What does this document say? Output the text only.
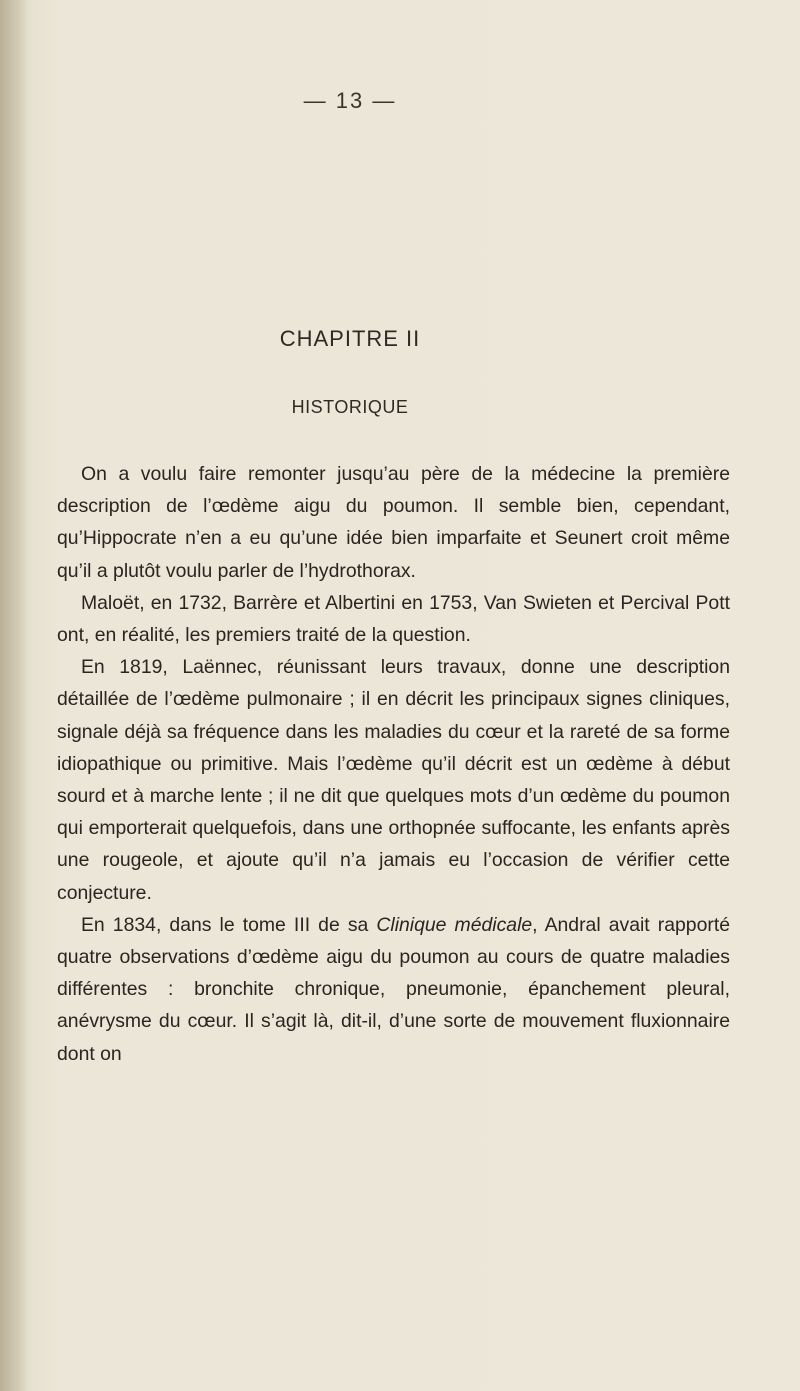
— 13 —
CHAPITRE II
HISTORIQUE

On a voulu faire remonter jusqu’au père de la médecine la première description de l’œdème aigu du poumon. Il semble bien, cependant, qu’Hippocrate n’en a eu qu’une idée bien imparfaite et Seunert croit même qu’il a plutôt voulu parler de l’hydrothorax.

Maloët, en 1732, Barrère et Albertini en 1753, Van Swieten et Percival Pott ont, en réalité, les premiers traité de la question.

En 1819, Laënnec, réunissant leurs travaux, donne une description détaillée de l’œdème pulmonaire ; il en décrit les principaux signes cliniques, signale déjà sa fréquence dans les maladies du cœur et la rareté de sa forme idiopathique ou primitive. Mais l’œdème qu’il décrit est un œdème à début sourd et à marche lente ; il ne dit que quelques mots d’un œdème du poumon qui emporterait quelquefois, dans une orthopnée suffocante, les enfants après une rougeole, et ajoute qu’il n’a jamais eu l’occasion de vérifier cette conjecture.

En 1834, dans le tome III de sa Clinique médicale, Andral avait rapporté quatre observations d’œdème aigu du poumon au cours de quatre maladies différentes : bronchite chronique, pneumonie, épanchement pleural, anévrysme du cœur. Il s’agit là, dit-il, d’une sorte de mouvement fluxionnaire dont on
